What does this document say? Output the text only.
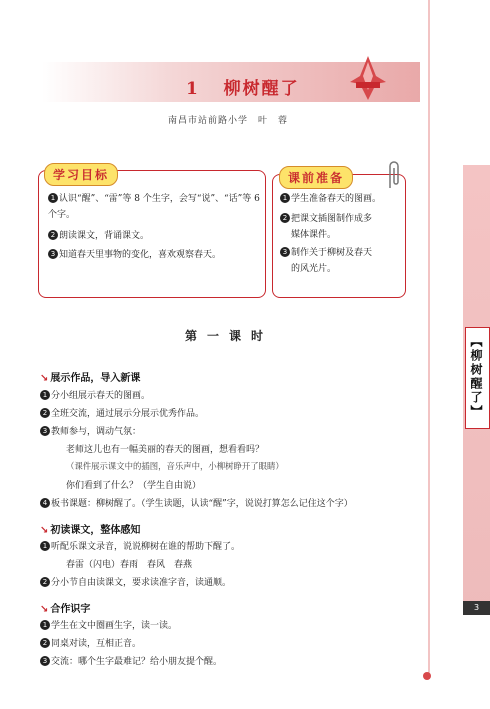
1 柳树醒了
南昌市站前路小学　叶　蓉
1 认识“醒”、“雷”等 8 个生字，会写“说”、“话”等 6
个字。
2 朗读课文，背诵课文。
3 知道春天里事物的变化，喜欢观察春天。
学习目标
1 学生准备春天的图画。
2 把课文插图制作成多
媒体课件。
3 制作关于柳树及春天
的风光片。
课前准备
第一课时
↘ 展示作品，导入新课
1 分小组展示春天的图画。
2 全班交流，通过展示分展示优秀作品。
3 教师参与，调动气氛：
老师这儿也有一幅美丽的春天的图画，想看看吗？
（课件展示课文中的插图，音乐声中，小柳树睁开了眼睛）
你们看到了什么？（学生自由说）
4 板书课题：柳树醒了。（学生读题，认读“醒”字，说说打算怎么记住这个字）
↘ 初读课文，整体感知
1 听配乐课文录音，说说柳树在谁的帮助下醒了。
春雷（闪电）春雨　春风　春燕
2 分小节自由读课文，要求读准字音，读通顺。
↘ 合作识字
1 学生在文中圈画生字，读一读。
2 同桌对读，互相正音。
3 交流：哪个生字最难记？给小朋友提个醒。
【柳树醒了】
3
